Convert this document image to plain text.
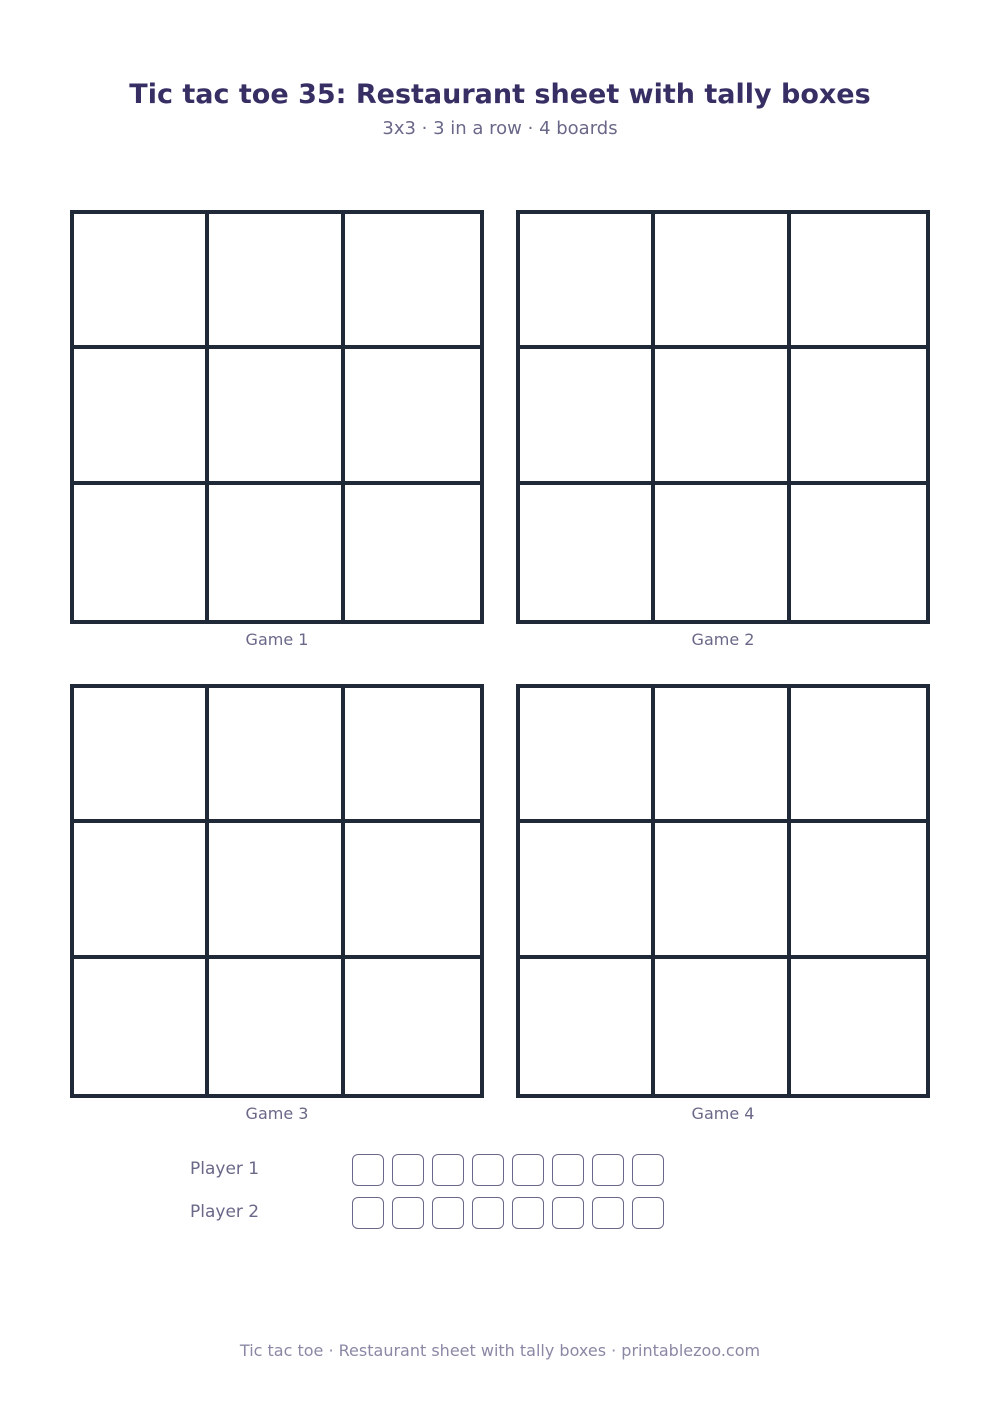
Tic tac toe 35: Restaurant sheet with tally boxes
3x3 · 3 in a row · 4 boards
Game 1	Game 2
Game 3	Game 4
Player 1
Player 2
Tic tac toe · Restaurant sheet with tally boxes · printablezoo.com
